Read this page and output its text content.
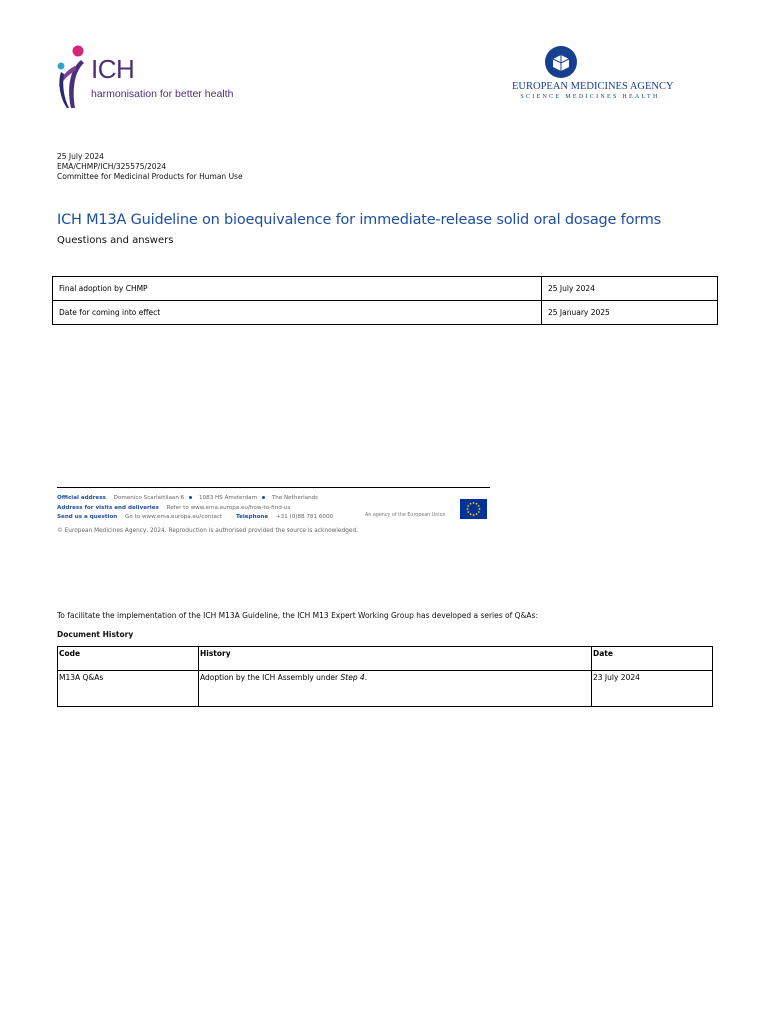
ICH
harmonisation for better health
EUROPEAN MEDICINES AGENCY
SCIENCE MEDICINES HEALTH
25 July 2024
EMA/CHMP/ICH/325575/2024
Committee for Medicinal Products for Human Use
ICH M13A Guideline on bioequivalence for immediate-release solid oral dosage forms
Questions and answers
Final adoption by CHMP	25 July 2024
Date for coming into effect	25 January 2025
Official address Domenico Scarlattilaan 6	1083 HS Amsterdam	The Netherlands
Address for visits and deliveries Refer to www.ema.europa.eu/how-to-find-us
Send us a question Go to www.ema.europa.eu/contact Telephone +31 (0)88 781 6000	An agency of the European Union
© European Medicines Agency, 2024. Reproduction is authorised provided the source is acknowledged.
To facilitate the implementation of the ICH M13A Guideline, the ICH M13 Expert Working Group has developed a series of Q&As:
Document History
Code	History	Date
M13A Q&As	Adoption by the ICH Assembly under Step 4.	23 July 2024
